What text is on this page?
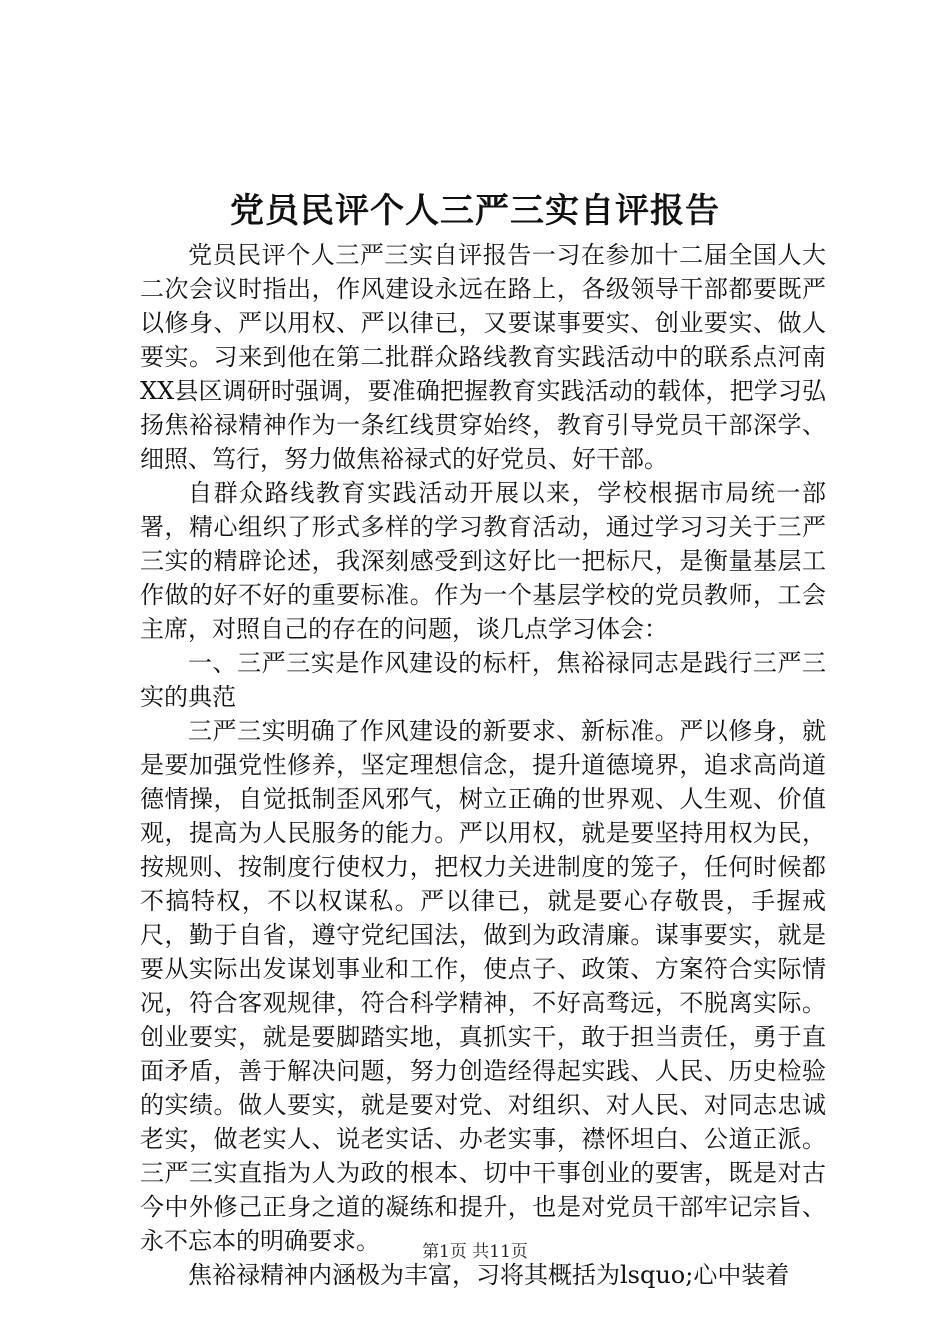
党员民评个人三严三实自评报告

党员民评个人三严三实自评报告一习在参加十二届全国人大二次会议时指出，作风建设永远在路上，各级领导干部都要既严以修身、严以用权、严以律已，又要谋事要实、创业要实、做人要实。习来到他在第二批群众路线教育实践活动中的联系点河南XX县区调研时强调，要准确把握教育实践活动的载体，把学习弘扬焦裕禄精神作为一条红线贯穿始终，教育引导党员干部深学、细照、笃行，努力做焦裕禄式的好党员、好干部。

自群众路线教育实践活动开展以来，学校根据市局统一部署，精心组织了形式多样的学习教育活动，通过学习习关于三严三实的精辟论述，我深刻感受到这好比一把标尺，是衡量基层工作做的好不好的重要标准。作为一个基层学校的党员教师，工会主席，对照自己的存在的问题，谈几点学习体会：

一、三严三实是作风建设的标杆，焦裕禄同志是践行三严三实的典范

三严三实明确了作风建设的新要求、新标准。严以修身，就是要加强党性修养，坚定理想信念，提升道德境界，追求高尚道德情操，自觉抵制歪风邪气，树立正确的世界观、人生观、价值观，提高为人民服务的能力。严以用权，就是要坚持用权为民，按规则、按制度行使权力，把权力关进制度的笼子，任何时候都不搞特权，不以权谋私。严以律已，就是要心存敬畏，手握戒尺，勤于自省，遵守党纪国法，做到为政清廉。谋事要实，就是要从实际出发谋划事业和工作，使点子、政策、方案符合实际情况，符合客观规律，符合科学精神，不好高骛远，不脱离实际。创业要实，就是要脚踏实地，真抓实干，敢于担当责任，勇于直面矛盾，善于解决问题，努力创造经得起实践、人民、历史检验的实绩。做人要实，就是要对党、对组织、对人民、对同志忠诚老实，做老实人、说老实话、办老实事，襟怀坦白、公道正派。三严三实直指为人为政的根本、切中干事创业的要害，既是对古今中外修己正身之道的凝练和提升，也是对党员干部牢记宗旨、永不忘本的明确要求。

焦裕禄精神内涵极为丰富，习将其概括为lsquo;心中装着

第1页 共11页
